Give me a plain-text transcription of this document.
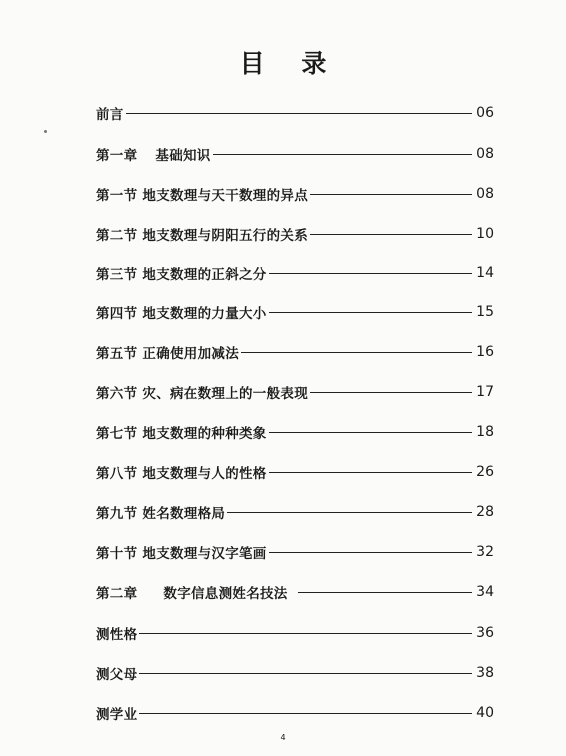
目 录
前言	06
第一章 基础知识	08
第一节 地支数理与天干数理的异点	08
第二节 地支数理与阴阳五行的关系	10
第三节 地支数理的正斜之分	14
第四节 地支数理的力量大小	15
第五节 正确使用加减法	16
第六节 灾、病在数理上的一般表现	17
第七节 地支数理的种种类象	18
第八节 地支数理与人的性格	26
第九节 姓名数理格局	28
第十节 地支数理与汉字笔画	32
第二章 数字信息测姓名技法	34
测性格	36
测父母	38
测学业	40
4
